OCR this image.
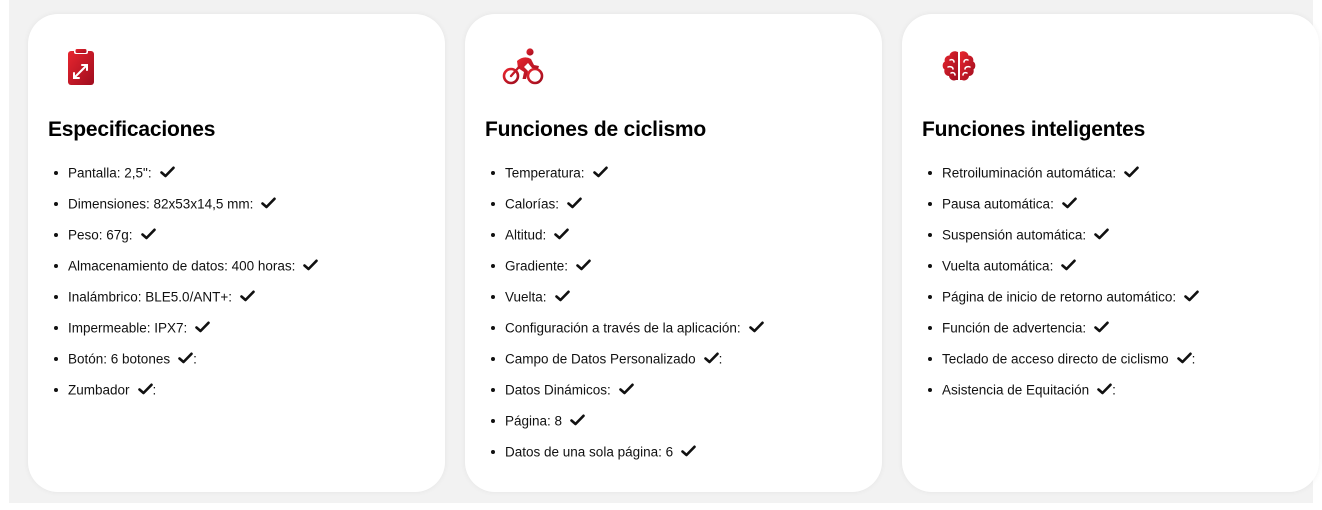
Especificaciones
Pantalla: 2,5":
Dimensiones: 82x53x14,5 mm:
Peso: 67g:
Almacenamiento de datos: 400 horas:
Inalámbrico: BLE5.0/ANT+:
Impermeable: IPX7:
Botón: 6 botones :
Zumbador :
Funciones de ciclismo
Temperatura:
Calorías:
Altitud:
Gradiente:
Vuelta:
Configuración a través de la aplicación:
Campo de Datos Personalizado :
Datos Dinámicos:
Página: 8
Datos de una sola página: 6
Funciones inteligentes
Retroiluminación automática:
Pausa automática:
Suspensión automática:
Vuelta automática:
Página de inicio de retorno automático:
Función de advertencia:
Teclado de acceso directo de ciclismo :
Asistencia de Equitación :
